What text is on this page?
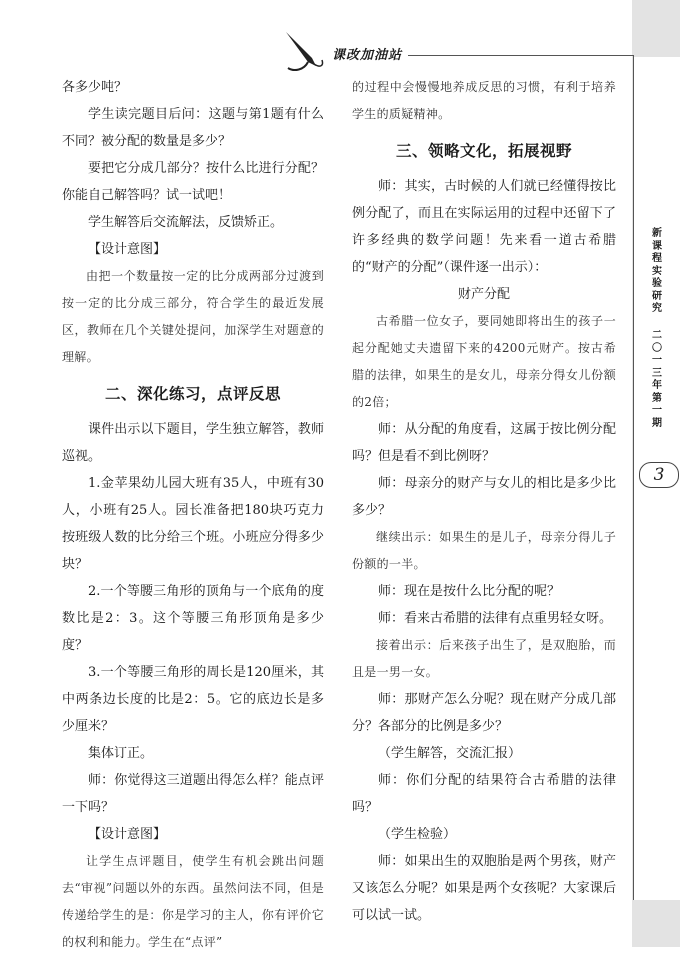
课改加油站
新课程实验研究
二〇一三年 第一期
3

各多少吨？

学生读完题目后问：这题与第1题有什么不同？被分配的数量是多少？

要把它分成几部分？按什么比进行分配？你能自己解答吗？试一试吧！

学生解答后交流解法，反馈矫正。

【设计意图】

由把一个数量按一定的比分成两部分过渡到按一定的比分成三部分，符合学生的最近发展区，教师在几个关键处提问，加深学生对题意的理解。

二、深化练习，点评反思

课件出示以下题目，学生独立解答，教师巡视。

1.金苹果幼儿园大班有35人，中班有30人，小班有25人。园长准备把180块巧克力按班级人数的比分给三个班。小班应分得多少块？

2.一个等腰三角形的顶角与一个底角的度数比是2：3。这个等腰三角形顶角是多少度？

3.一个等腰三角形的周长是120厘米，其中两条边长度的比是2：5。它的底边长是多少厘米？

集体订正。

师：你觉得这三道题出得怎么样？能点评一下吗？

【设计意图】

让学生点评题目，使学生有机会跳出问题去“审视”问题以外的东西。虽然问法不同，但是传递给学生的是：你是学习的主人，你有评价它的权利和能力。学生在“点评”

的过程中会慢慢地养成反思的习惯，有利于培养学生的质疑精神。

三、领略文化，拓展视野

师：其实，古时候的人们就已经懂得按比例分配了，而且在实际运用的过程中还留下了许多经典的数学问题！先来看一道古希腊的“财产的分配”（课件逐一出示）：

财产分配

古希腊一位女子，要同她即将出生的孩子一起分配她丈夫遗留下来的4200元财产。按古希腊的法律，如果生的是女儿，母亲分得女儿份额的2倍；

师：从分配的角度看，这属于按比例分配吗？但是看不到比例呀？

师：母亲分的财产与女儿的相比是多少比多少？

继续出示：如果生的是儿子，母亲分得儿子份额的一半。

师：现在是按什么比分配的呢？

师：看来古希腊的法律有点重男轻女呀。

接着出示：后来孩子出生了，是双胞胎，而且是一男一女。

师：那财产怎么分呢？现在财产分成几部分？各部分的比例是多少？

（学生解答，交流汇报）

师：你们分配的结果符合古希腊的法律吗？

（学生检验）

师：如果出生的双胞胎是两个男孩，财产又该怎么分呢？如果是两个女孩呢？大家课后可以试一试。
